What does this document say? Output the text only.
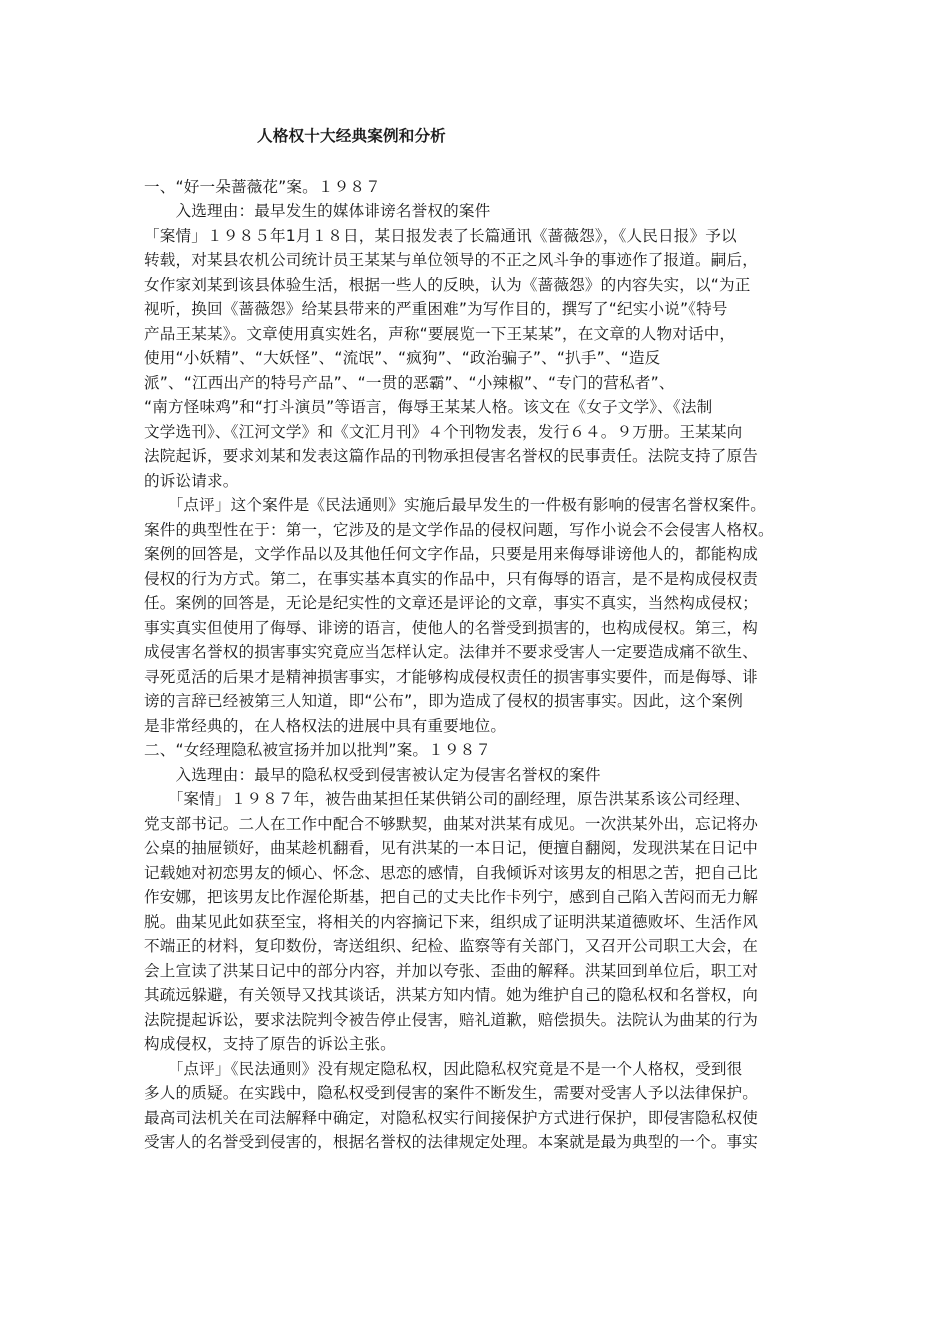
人格权十大经典案例和分析
一、“好一朵蔷薇花”案。１９８７
　　入选理由：最早发生的媒体诽谤名誉权的案件
「案情」１９８５年1月１８日，某日报发表了长篇通讯《蔷薇怨》，《人民日报》予以
转载，对某县农机公司统计员王某某与单位领导的不正之风斗争的事迹作了报道。嗣后，
女作家刘某到该县体验生活，根据一些人的反映，认为《蔷薇怨》的内容失实，以“为正
视听，换回《蔷薇怨》给某县带来的严重困难”为写作目的，撰写了“纪实小说”《特号
产品王某某》。文章使用真实姓名，声称“要展览一下王某某”，在文章的人物对话中，
使用“小妖精”、“大妖怪”、“流氓”、“疯狗”、“政治骗子”、“扒手”、“造反
派”、“江西出产的特号产品”、“一贯的恶霸”、“小辣椒”、“专门的营私者”、
“南方怪味鸡”和“打斗演员”等语言，侮辱王某某人格。该文在《女子文学》、《法制
文学选刊》、《江河文学》和《文汇月刊》４个刊物发表，发行６４。９万册。王某某向
法院起诉，要求刘某和发表这篇作品的刊物承担侵害名誉权的民事责任。法院支持了原告
的诉讼请求。
　　「点评」这个案件是《民法通则》实施后最早发生的一件极有影响的侵害名誉权案件。
案件的典型性在于：第一，它涉及的是文学作品的侵权问题，写作小说会不会侵害人格权。
案例的回答是，文学作品以及其他任何文字作品，只要是用来侮辱诽谤他人的，都能构成
侵权的行为方式。第二，在事实基本真实的作品中，只有侮辱的语言，是不是构成侵权责
任。案例的回答是，无论是纪实性的文章还是评论的文章，事实不真实，当然构成侵权；
事实真实但使用了侮辱、诽谤的语言，使他人的名誉受到损害的，也构成侵权。第三，构
成侵害名誉权的损害事实究竟应当怎样认定。法律并不要求受害人一定要造成痛不欲生、
寻死觅活的后果才是精神损害事实，才能够构成侵权责任的损害事实要件，而是侮辱、诽
谤的言辞已经被第三人知道，即“公布”，即为造成了侵权的损害事实。因此，这个案例
是非常经典的，在人格权法的进展中具有重要地位。
二、“女经理隐私被宣扬并加以批判”案。１９８７
　　入选理由：最早的隐私权受到侵害被认定为侵害名誉权的案件
　　「案情」１９８７年，被告曲某担任某供销公司的副经理，原告洪某系该公司经理、
党支部书记。二人在工作中配合不够默契，曲某对洪某有成见。一次洪某外出，忘记将办
公桌的抽屉锁好，曲某趁机翻看，见有洪某的一本日记，便擅自翻阅，发现洪某在日记中
记载她对初恋男友的倾心、怀念、思恋的感情，自我倾诉对该男友的相思之苦，把自己比
作安娜，把该男友比作渥伦斯基，把自己的丈夫比作卡列宁，感到自己陷入苦闷而无力解
脱。曲某见此如获至宝，将相关的内容摘记下来，组织成了证明洪某道德败坏、生活作风
不端正的材料，复印数份，寄送组织、纪检、监察等有关部门，又召开公司职工大会，在
会上宣读了洪某日记中的部分内容，并加以夸张、歪曲的解释。洪某回到单位后，职工对
其疏远躲避，有关领导又找其谈话，洪某方知内情。她为维护自己的隐私权和名誉权，向
法院提起诉讼，要求法院判令被告停止侵害，赔礼道歉，赔偿损失。法院认为曲某的行为
构成侵权，支持了原告的诉讼主张。
　　「点评」《民法通则》没有规定隐私权，因此隐私权究竟是不是一个人格权，受到很
多人的质疑。在实践中，隐私权受到侵害的案件不断发生，需要对受害人予以法律保护。
最高司法机关在司法解释中确定，对隐私权实行间接保护方式进行保护，即侵害隐私权使
受害人的名誉受到侵害的，根据名誉权的法律规定处理。本案就是最为典型的一个。事实
